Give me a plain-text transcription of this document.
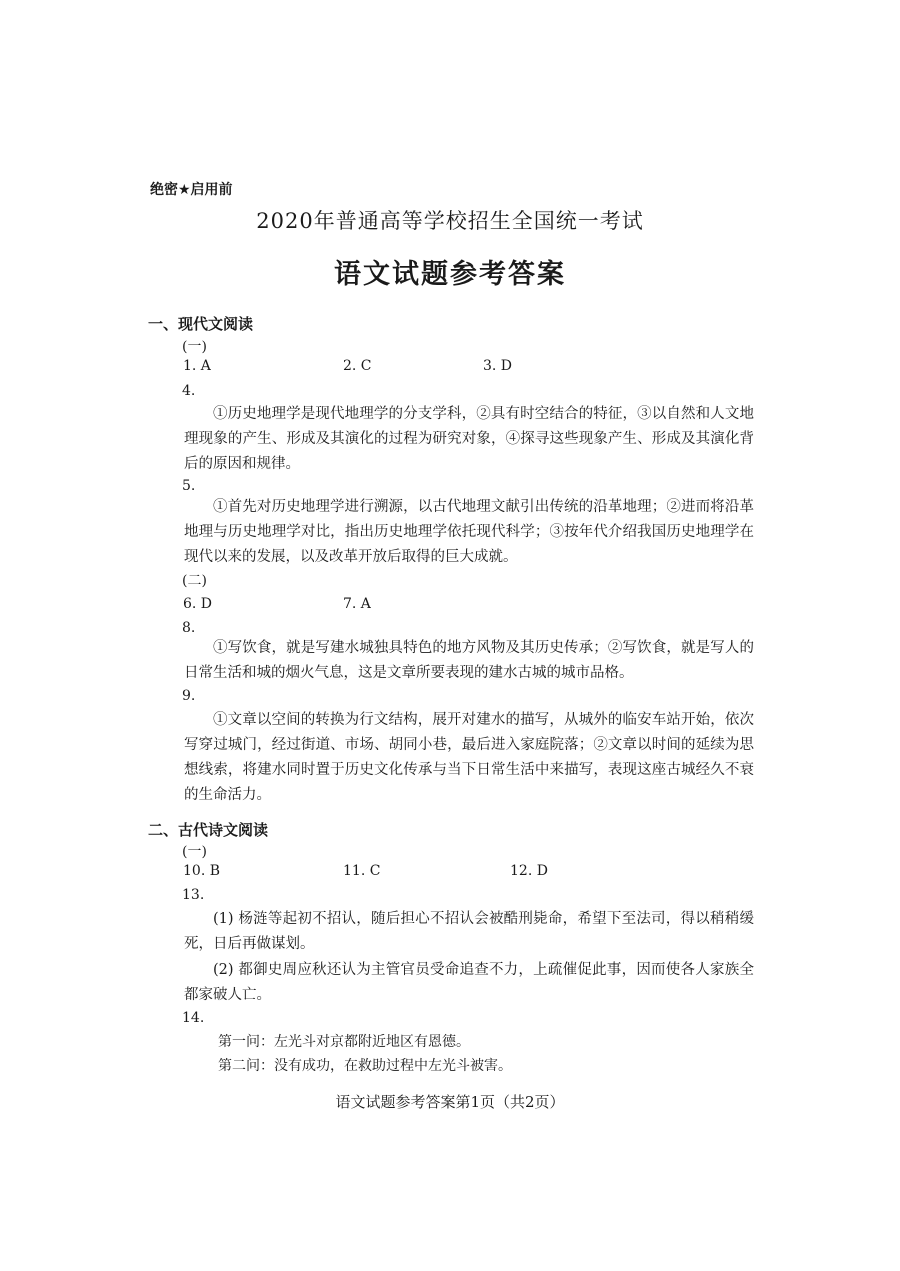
绝密★启用前
2020年普通高等学校招生全国统一考试
语文试题参考答案
一、现代文阅读
(一)
1. A	2. C	3. D
4.
①历史地理学是现代地理学的分支学科，②具有时空结合的特征，③以自然和人文地理现象的产生、形成及其演化的过程为研究对象，④探寻这些现象产生、形成及其演化背后的原因和规律。
5.
①首先对历史地理学进行溯源，以古代地理文献引出传统的沿革地理；②进而将沿革地理与历史地理学对比，指出历史地理学依托现代科学；③按年代介绍我国历史地理学在现代以来的发展，以及改革开放后取得的巨大成就。
(二)
6. D	7. A
8.
①写饮食，就是写建水城独具特色的地方风物及其历史传承；②写饮食，就是写人的日常生活和城的烟火气息，这是文章所要表现的建水古城的城市品格。
9.
①文章以空间的转换为行文结构，展开对建水的描写，从城外的临安车站开始，依次写穿过城门，经过街道、市场、胡同小巷，最后进入家庭院落；②文章以时间的延续为思想线索，将建水同时置于历史文化传承与当下日常生活中来描写，表现这座古城经久不衰的生命活力。
二、古代诗文阅读
(一)
10. B	11. C	12. D
13.
(1) 杨涟等起初不招认，随后担心不招认会被酷刑毙命，希望下至法司，得以稍稍缓死，日后再做谋划。
(2) 都御史周应秋还认为主管官员受命追查不力，上疏催促此事，因而使各人家族全都家破人亡。
14.
第一问：左光斗对京都附近地区有恩德。
第二问：没有成功，在救助过程中左光斗被害。
语文试题参考答案第1页（共2页）
